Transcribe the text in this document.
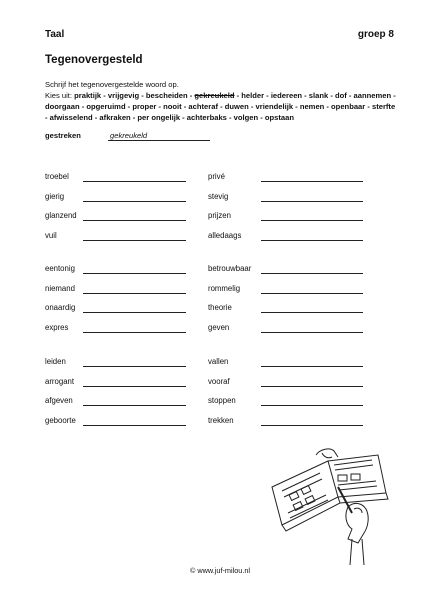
Taal	groep 8
Tegenovergesteld
Schrijf het tegenovergestelde woord op.
Kies uit: praktijk - vrijgevig - bescheiden - gekreukeld - helder - iedereen - slank - dof - aannemen - doorgaan - opgeruimd - proper - nooit - achteraf - duwen - vriendelijk - nemen - openbaar - sterfte - afwisselend - afkraken - per ongelijk - achterbaks - volgen - opstaan
gestreken	gekreukeld
troebel
gierig
glanzend
vuil
privé
stevig
prijzen
alledaags
eentonig
niemand
onaardig
expres
betrouwbaar
rommelig
theorie
geven
leiden
arrogant
afgeven
geboorte
vallen
vooraf
stoppen
trekken
© www.juf-milou.nl
